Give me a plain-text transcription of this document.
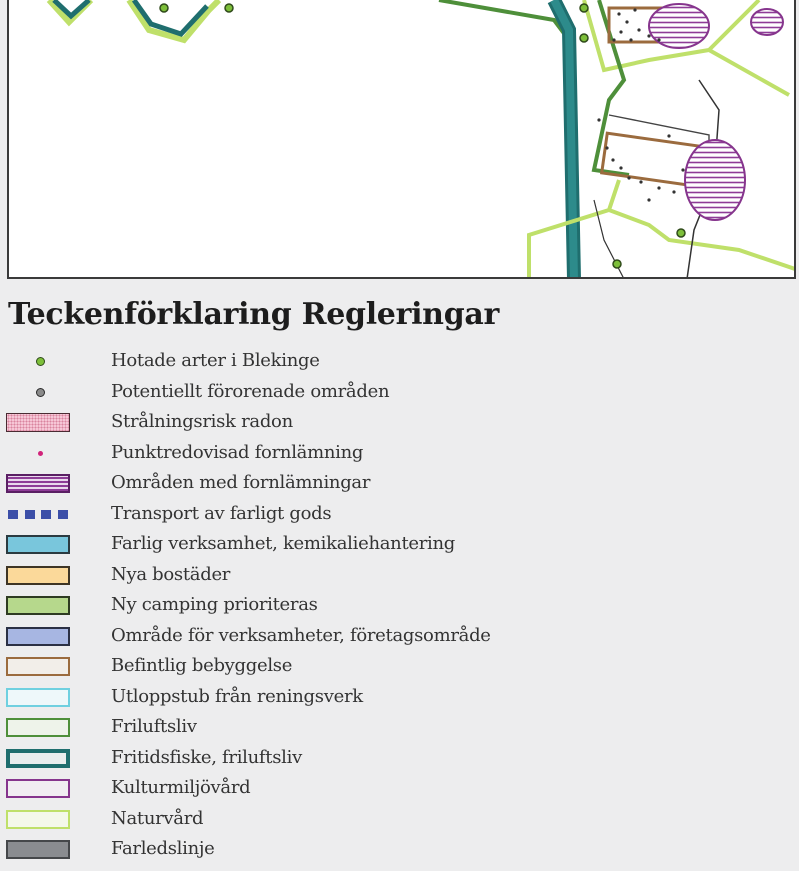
Teckenförklaring Regleringar
Hotade arter i Blekinge
Potentiellt förorenade områden
Strålningsrisk radon
Punktredovisad fornlämning
Områden med fornlämningar
Transport av farligt gods
Farlig verksamhet, kemikaliehantering
Nya bostäder
Ny camping prioriteras
Område för verksamheter, företagsområde
Befintlig bebyggelse
Utloppstub från reningsverk
Friluftsliv
Fritidsfiske, friluftsliv
Kulturmiljövård
Naturvård
Farledslinje
